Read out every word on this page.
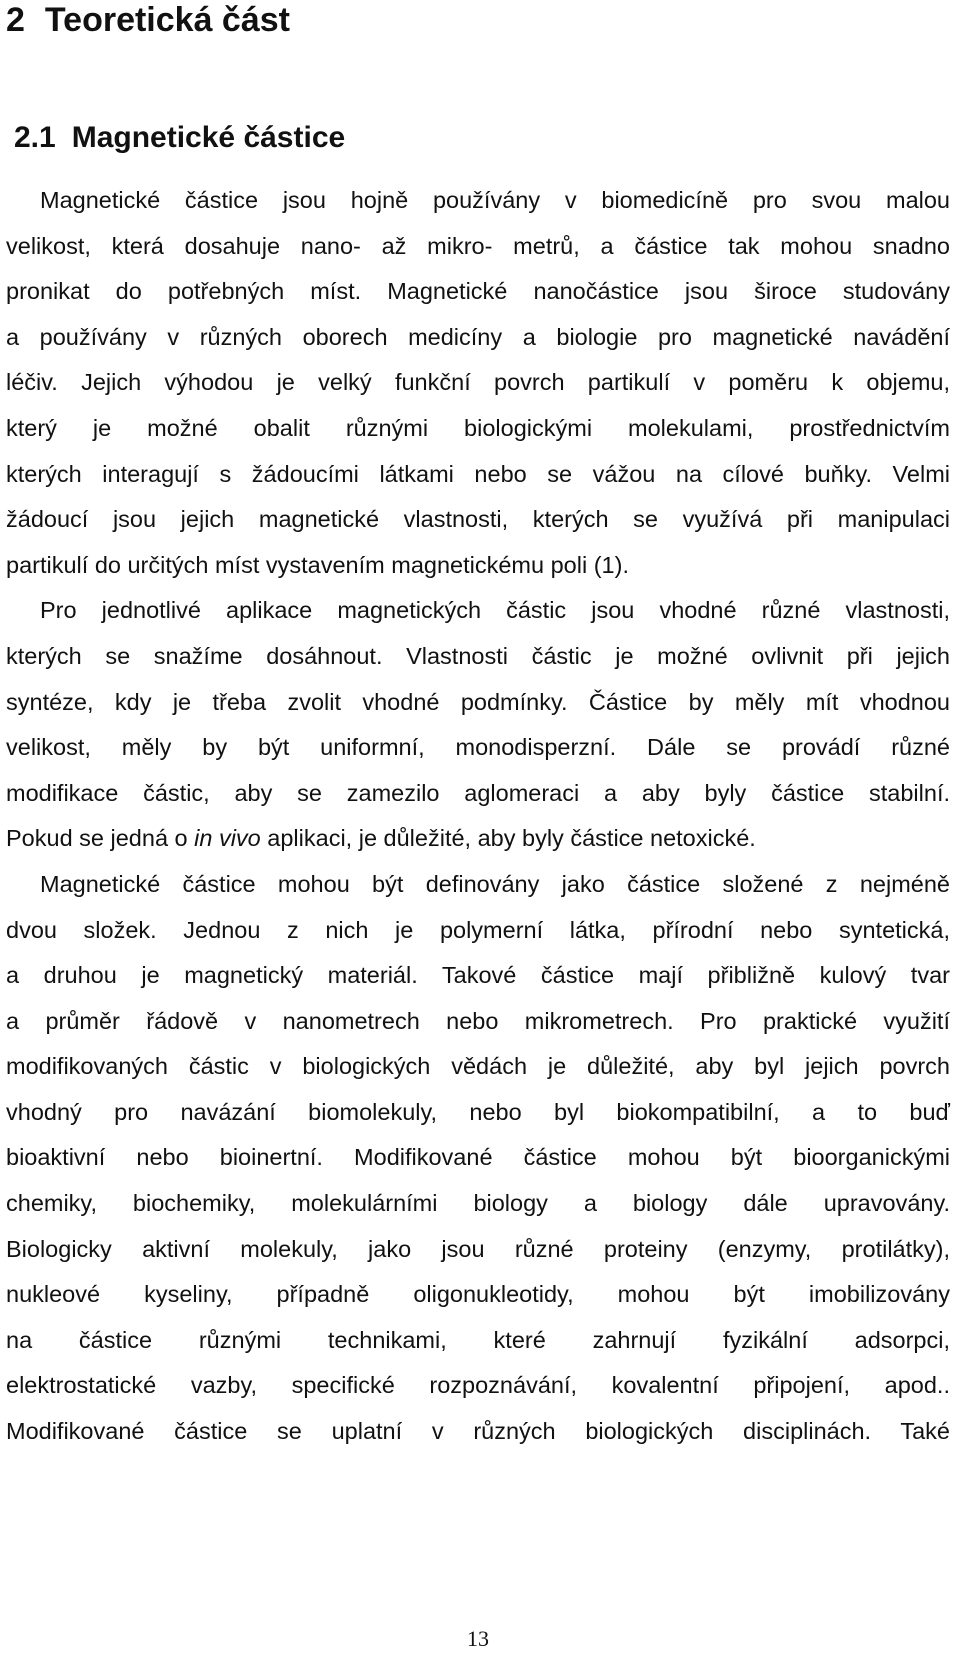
2 Teoretická část
2.1 Magnetické částice
Magnetické částice jsou hojně používány v biomedicíně pro svou malou
velikost, která dosahuje nano- až mikro- metrů, a částice tak mohou snadno
pronikat do potřebných míst. Magnetické nanočástice jsou široce studovány
a používány v různých oborech medicíny a biologie pro magnetické navádění
léčiv. Jejich výhodou je velký funkční povrch partikulí v poměru k objemu,
který je možné obalit různými biologickými molekulami, prostřednictvím
kterých interagují s žádoucími látkami nebo se vážou na cílové buňky. Velmi
žádoucí jsou jejich magnetické vlastnosti, kterých se využívá při manipulaci
partikulí do určitých míst vystavením magnetickému poli (1).
Pro jednotlivé aplikace magnetických částic jsou vhodné různé vlastnosti,
kterých se snažíme dosáhnout. Vlastnosti částic je možné ovlivnit při jejich
syntéze, kdy je třeba zvolit vhodné podmínky. Částice by měly mít vhodnou
velikost, měly by být uniformní, monodisperzní. Dále se provádí různé
modifikace částic, aby se zamezilo aglomeraci a aby byly částice stabilní.
Pokud se jedná o in vivo aplikaci, je důležité, aby byly částice netoxické.
Magnetické částice mohou být definovány jako částice složené z nejméně
dvou složek. Jednou z nich je polymerní látka, přírodní nebo syntetická,
a druhou je magnetický materiál. Takové částice mají přibližně kulový tvar
a průměr řádově v nanometrech nebo mikrometrech. Pro praktické využití
modifikovaných částic v biologických vědách je důležité, aby byl jejich povrch
vhodný pro navázání biomolekuly, nebo byl biokompatibilní, a to buď
bioaktivní nebo bioinertní. Modifikované částice mohou být bioorganickými
chemiky, biochemiky, molekulárními biology a biology dále upravovány.
Biologicky aktivní molekuly, jako jsou různé proteiny (enzymy, protilátky),
nukleové kyseliny, případně oligonukleotidy, mohou být imobilizovány
na částice různými technikami, které zahrnují fyzikální adsorpci,
elektrostatické vazby, specifické rozpoznávání, kovalentní připojení, apod..
Modifikované částice se uplatní v různých biologických disciplinách. Také
13
